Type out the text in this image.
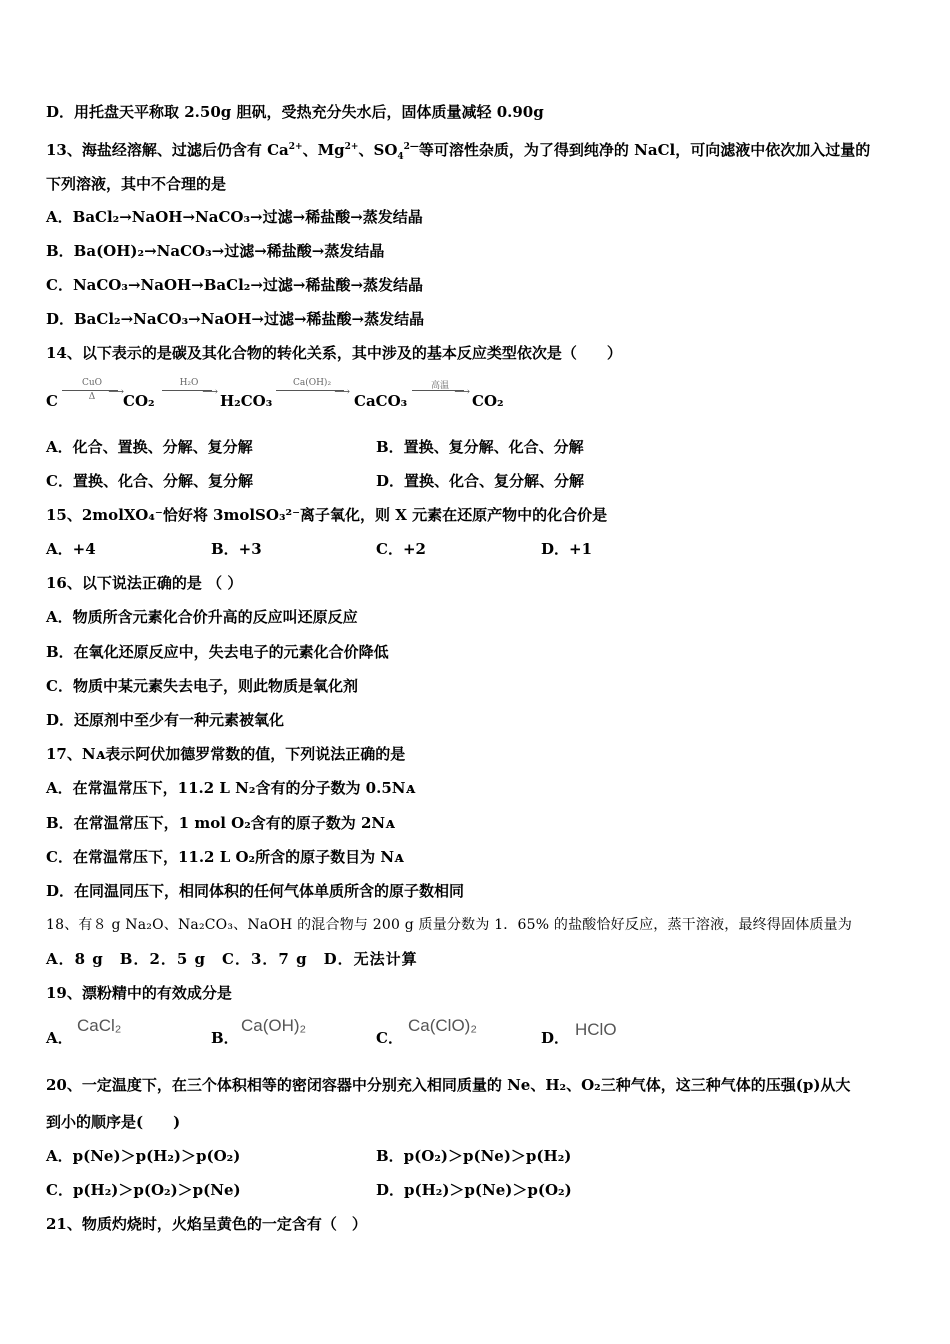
D．用托盘天平称取 2.50g 胆矾，受热充分失水后，固体质量减轻 0.90g
13、海盐经溶解、过滤后仍含有 $Ca^{2+}$、$Mg^{2+}$、$SO_4^{2—}$等可溶性杂质，为了得到纯净的 NaCl，可向滤液中依次加入过量的
下列溶液，其中不合理的是
A．BaCl₂→NaOH→NaCO₃→过滤→稀盐酸→蒸发结晶
B．Ba(OH)₂→NaCO₃→过滤→稀盐酸→蒸发结晶
C．NaCO₃→NaOH→BaCl₂→过滤→稀盐酸→蒸发结晶
D．BaCl₂→NaCO₃→NaOH→过滤→稀盐酸→蒸发结晶
14、以下表示的是碳及其化合物的转化关系，其中涉及的基本反应类型依次是（　　）
C
CuO
⟶
Δ	CO₂
H₂O
⟶
H₂CO₃
Ca(OH)₂
⟶
CaCO₃
高温 ⟶
CO₂
A．化合、置换、分解、复分解	B．置换、复分解、化合、分解
C．置换、化合、分解、复分解	D．置换、化合、复分解、分解
15、2molXO₄⁻恰好将 3molSO₃²⁻离子氧化，则 X 元素在还原产物中的化合价是
A．+4	B．+3	C．+2	D．+1
16、以下说法正确的是 （ ）
A．物质所含元素化合价升高的反应叫还原反应
B．在氧化还原反应中，失去电子的元素化合价降低
C．物质中某元素失去电子，则此物质是氧化剂
D．还原剂中至少有一种元素被氧化
17、Nᴀ表示阿伏加德罗常数的值，下列说法正确的是
A．在常温常压下，11.2 L N₂含有的分子数为 0.5Nᴀ
B．在常温常压下，1 mol O₂含有的原子数为 2Nᴀ
C．在常温常压下，11.2 L O₂所含的原子数目为 Nᴀ
D．在同温同压下，相同体积的任何气体单质所含的原子数相同
18、有８ g Na₂O、Na₂CO₃、NaOH 的混合物与 200 g 质量分数为 1．65% 的盐酸恰好反应，蒸干溶液，最终得固体质量为
A．8 g　B．2．5 g　C．3．7 g　D．无法计算
19、漂粉精中的有效成分是
A．
CaCl₂
B．
Ca(OH)₂
C．
Ca(ClO)₂
D． HClO
20、一定温度下，在三个体积相等的密闭容器中分别充入相同质量的 Ne、H₂、O₂三种气体，这三种气体的压强(p)从大
到小的顺序是(　　)
A．p(Ne)＞p(H₂)＞p(O₂)	B．p(O₂)＞p(Ne)＞p(H₂)
C．p(H₂)＞p(O₂)＞p(Ne)	D．p(H₂)＞p(Ne)＞p(O₂)
21、物质灼烧时，火焰呈黄色的一定含有（　）
